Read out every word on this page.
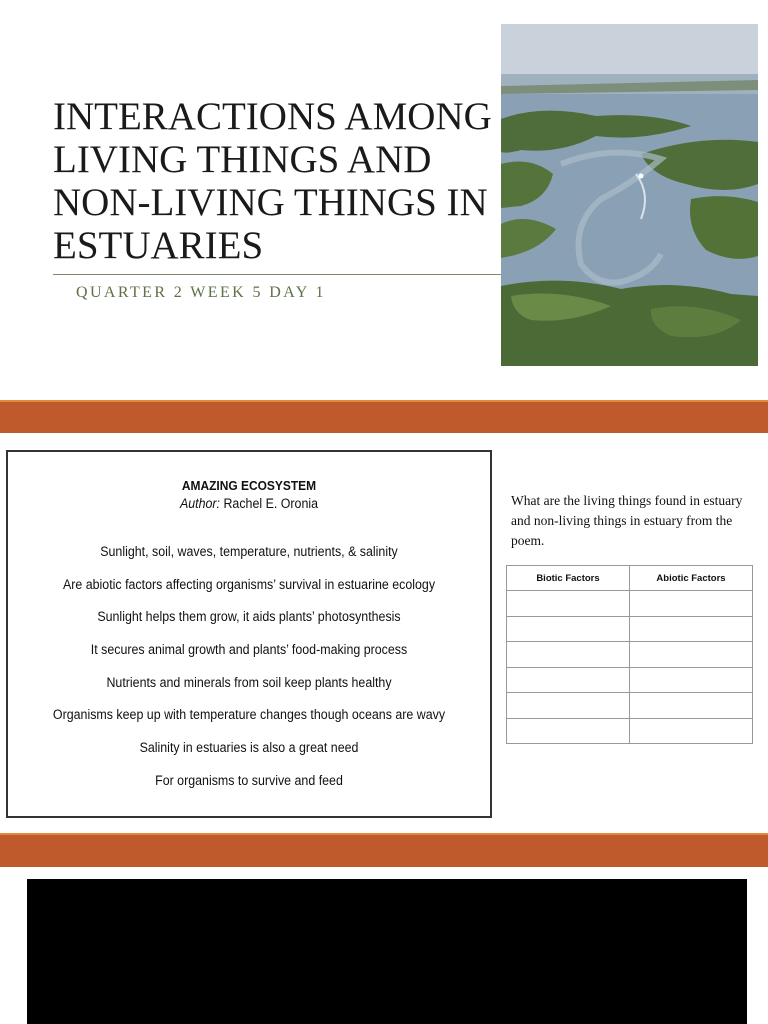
INTERACTIONS AMONG
LIVING THINGS AND
NON-LIVING THINGS IN
ESTUARIES
QUARTER 2 WEEK 5 DAY 1
AMAZING ECOSYSTEM
Author: Rachel E. Oronia
Sunlight, soil, waves, temperature, nutrients, & salinity
Are abiotic factors affecting organisms’ survival in estuarine ecology
Sunlight helps them grow, it aids plants’ photosynthesis
It secures animal growth and plants’ food-making process
Nutrients and minerals from soil keep plants healthy
Organisms keep up with temperature changes though oceans are wavy
Salinity in estuaries is also a great need
For organisms to survive and feed
What are the living things found in estuary and non-living things in estuary from the poem.
Biotic Factors	Abiotic Factors
